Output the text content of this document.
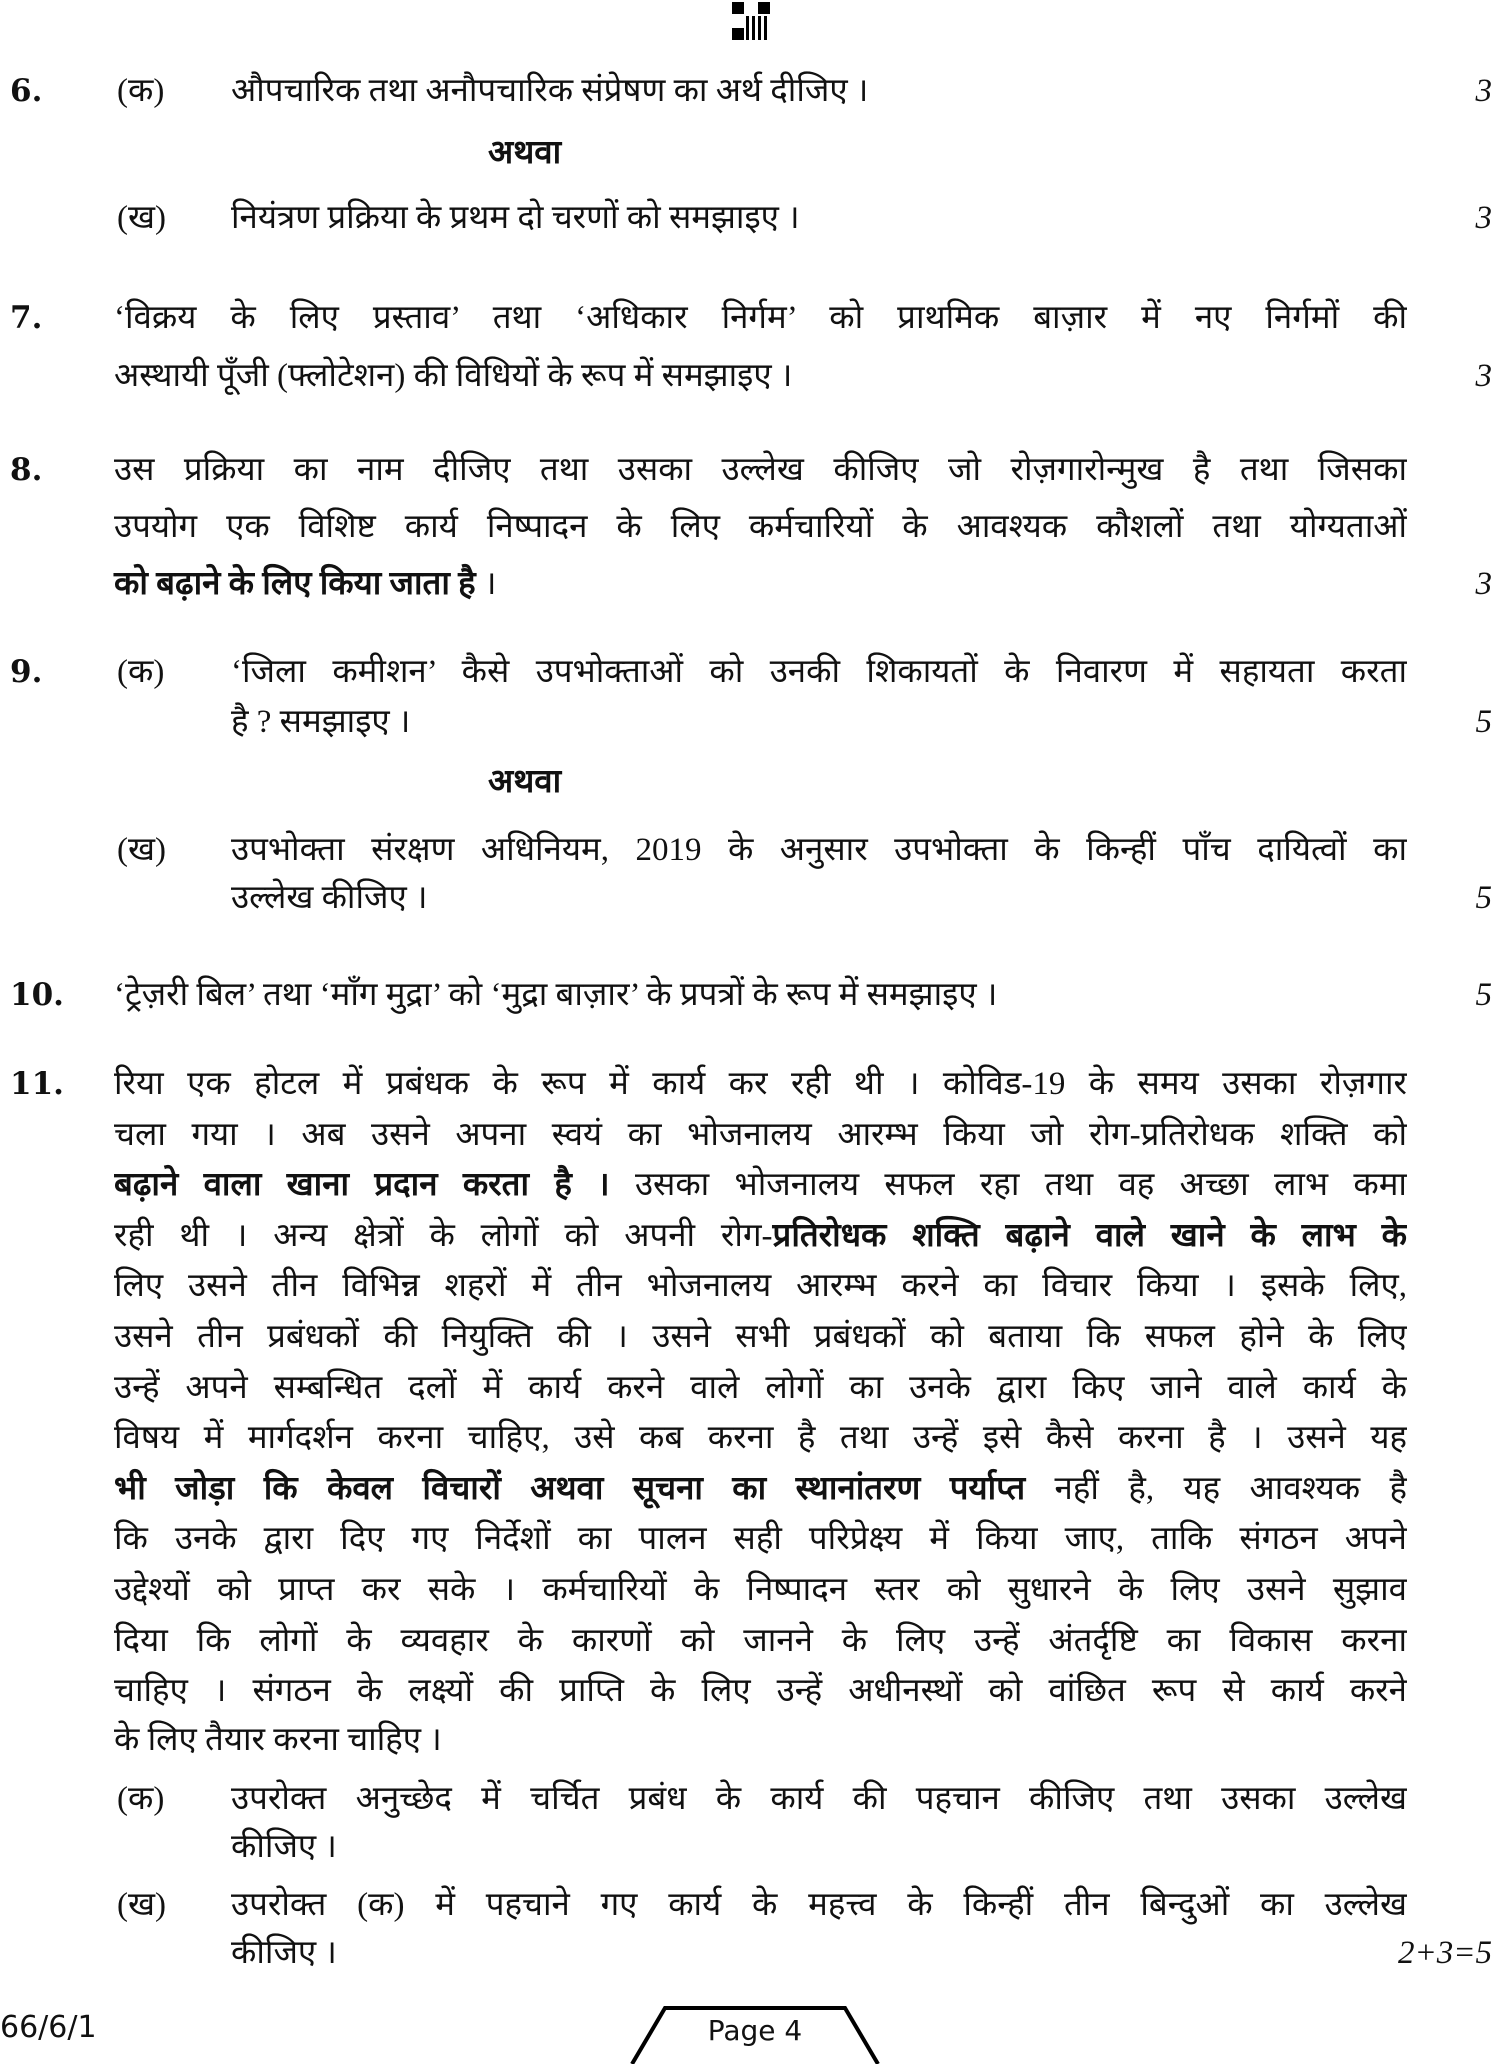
6. (क) औपचारिक तथा अनौपचारिक संप्रेषण का अर्थ दीजिए ।	3
अथवा
(ख) नियंत्रण प्रक्रिया के प्रथम दो चरणों को समझाइए ।	3
7. ‘विक्रय के लिए प्रस्ताव’ तथा ‘अधिकार निर्गम’ को प्राथमिक बाज़ार में नए निर्गमों की
अस्थायी पूँजी (फ्लोटेशन) की विधियों के रूप में समझाइए ।	3
8. उस प्रक्रिया का नाम दीजिए तथा उसका उल्लेख कीजिए जो रोज़गारोन्मुख है तथा जिसका
उपयोग एक विशिष्ट कार्य निष्पादन के लिए कर्मचारियों के आवश्यक कौशलों तथा योग्यताओं
को बढ़ाने के लिए किया जाता है ।	3
9. (क) ‘जिला कमीशन’ कैसे उपभोक्ताओं को उनकी शिकायतों के निवारण में सहायता करता
है ? समझाइए ।	5
अथवा
(ख) उपभोक्ता संरक्षण अधिनियम, 2019 के अनुसार उपभोक्ता के किन्हीं पाँच दायित्वों का
उल्लेख कीजिए ।	5
10. ‘ट्रेज़री बिल’ तथा ‘माँग मुद्रा’ को ‘मुद्रा बाज़ार’ के प्रपत्रों के रूप में समझाइए ।	5
11. रिया एक होटल में प्रबंधक के रूप में कार्य कर रही थी । कोविड-19 के समय उसका रोज़गार
चला गया । अब उसने अपना स्वयं का भोजनालय आरम्भ किया जो रोग-प्रतिरोधक शक्ति को
बढ़ाने वाला खाना प्रदान करता है । उसका भोजनालय सफल रहा तथा वह अच्छा लाभ कमा
रही थी । अन्य क्षेत्रों के लोगों को अपनी रोग-प्रतिरोधक शक्ति बढ़ाने वाले खाने के लाभ के
लिए उसने तीन विभिन्न शहरों में तीन भोजनालय आरम्भ करने का विचार किया । इसके लिए,
उसने तीन प्रबंधकों की नियुक्ति की । उसने सभी प्रबंधकों को बताया कि सफल होने के लिए
उन्हें अपने सम्बन्धित दलों में कार्य करने वाले लोगों का उनके द्वारा किए जाने वाले कार्य के
विषय में मार्गदर्शन करना चाहिए, उसे कब करना है तथा उन्हें इसे कैसे करना है । उसने यह
भी जोड़ा कि केवल विचारों अथवा सूचना का स्थानांतरण पर्याप्त नहीं है, यह आवश्यक है
कि उनके द्वारा दिए गए निर्देशों का पालन सही परिप्रेक्ष्य में किया जाए, ताकि संगठन अपने
उद्देश्यों को प्राप्त कर सके । कर्मचारियों के निष्पादन स्तर को सुधारने के लिए उसने सुझाव
दिया कि लोगों के व्यवहार के कारणों को जानने के लिए उन्हें अंतर्दृष्टि का विकास करना
चाहिए । संगठन के लक्ष्यों की प्राप्ति के लिए उन्हें अधीनस्थों को वांछित रूप से कार्य करने
के लिए तैयार करना चाहिए ।
(क) उपरोक्त अनुच्छेद में चर्चित प्रबंध के कार्य की पहचान कीजिए तथा उसका उल्लेख
कीजिए ।
(ख) उपरोक्त (क) में पहचाने गए कार्य के महत्त्व के किन्हीं तीन बिन्दुओं का उल्लेख
कीजिए ।	2+3=5
66/6/1	Page 4
